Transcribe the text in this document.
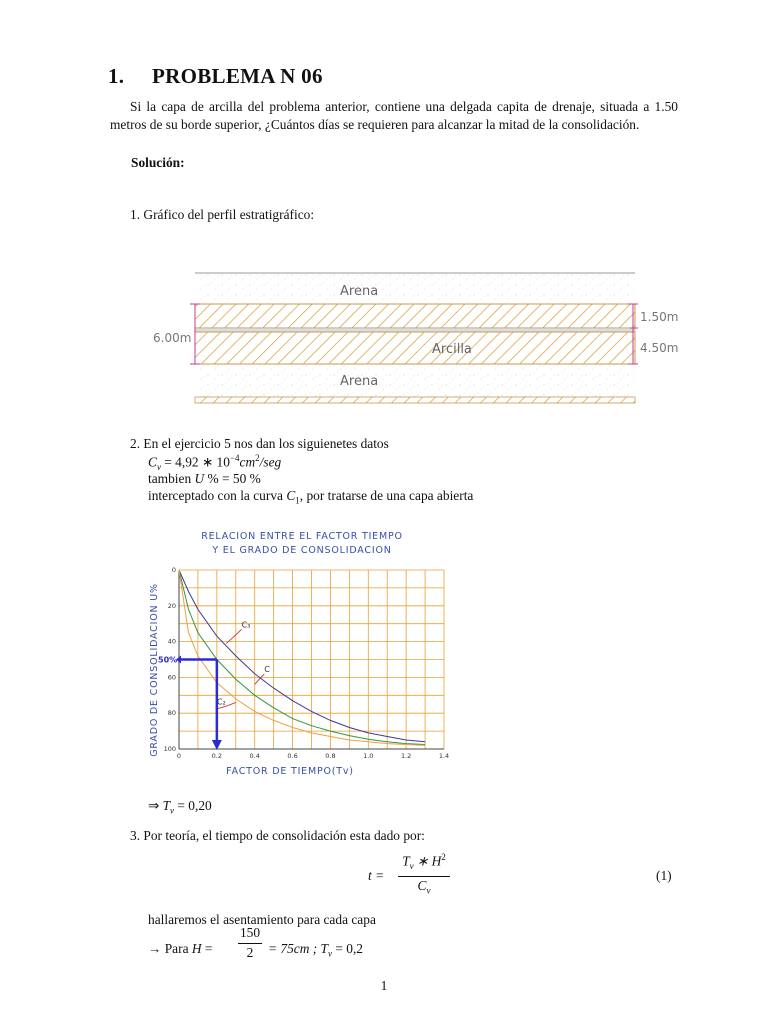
1. PROBLEMA N 06
Si la capa de arcilla del problema anterior, contiene una delgada capita de drenaje, situada a 1.50 metros de su borde superior, ¿Cuántos días se requieren para alcanzar la mitad de la consolidación.
Solución:
1. Gráfico del perfil estratigráfico:
Arena
Arcilla
Arena
6.00m
1.50m
4.50m
2. En el ejercicio 5 nos dan los siguienetes datos
$C_v = 4,92$ ∗ $10^{-4}cm^2$/seg
tambien U % = 50 %
interceptado con la curva $C_1$, por tratarse de una capa abierta
RELACION ENTRE EL FACTOR TIEMPO
Y EL GRADO DE CONSOLIDACION
0	0.2	0.4	0.6	0.8	1.0	1.2	1.4
0
20
40
60
80
100
C₃
C
C₂
50%
FACTOR DE TIEMPO(Tv)
GRADO DE CONSOLIDACION U%
⇒ $T_v = 0,20$
3. Por teoría, el tiempo de consolidación esta dado por:
t =
$T_v$ ∗ $H^2$
$C_v$
(1)
hallaremos el asentamiento para cada capa
→ Para H =
150
2	= 75cm ; $T_v = 0,2$
1
